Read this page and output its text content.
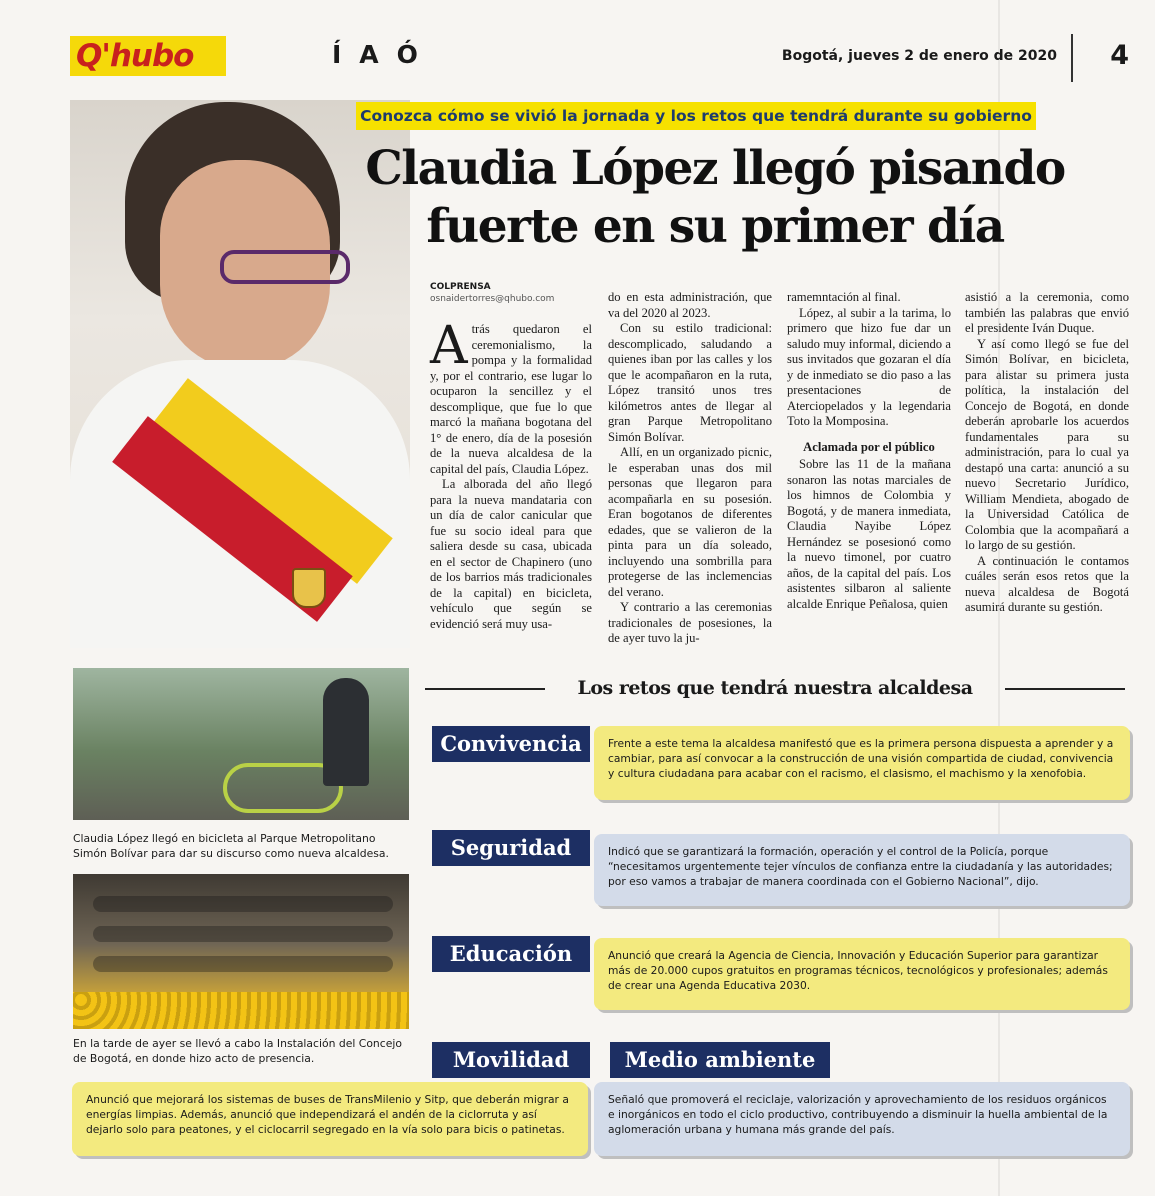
Q'hubo	ÍAÓ	Bogotá, jueves 2 de enero de 2020 4
Conozca cómo se vivió la jornada y los retos que tendrá durante su gobierno
Claudia López llegó pisando fuerte en su primer día
COLPRENSA
osnaidertorres@qhubo.com

Atrás quedaron el ceremonialismo, la pompa y la formalidad y, por el contrario, ese lugar lo ocuparon la sencillez y el descomplique, que fue lo que marcó la mañana bogotana del 1° de enero, día de la posesión de la nueva alcaldesa de la capital del país, Claudia López.

La alborada del año llegó para la nueva mandataria con un día de calor canicular que fue su socio ideal para que saliera desde su casa, ubicada en el sector de Chapinero (uno de los barrios más tradicionales de la capital) en bicicleta, vehículo que según se evidenció será muy usa-

do en esta administración, que va del 2020 al 2023.

Con su estilo tradicional: descomplicado, saludando a quienes iban por las calles y los que le acompañaron en la ruta, López transitó unos tres kilómetros antes de llegar al gran Parque Metropolitano Simón Bolívar.

Allí, en un organizado picnic, le esperaban unas dos mil personas que llegaron para acompañarla en su posesión. Eran bogotanos de diferentes edades, que se valieron de la pinta para un día soleado, incluyendo una sombrilla para protegerse de las inclemencias del verano.

Y contrario a las ceremonias tradicionales de posesiones, la de ayer tuvo la ju-

ramemntación al final.

López, al subir a la tarima, lo primero que hizo fue dar un saludo muy informal, diciendo a sus invitados que gozaran el día y de inmediato se dio paso a las presentaciones de Aterciopelados y la legendaria Toto la Momposina.

Aclamada por el público

Sobre las 11 de la mañana sonaron las notas marciales de los himnos de Colombia y Bogotá, y de manera inmediata, Claudia Nayibe López Hernández se posesionó como la nuevo timonel, por cuatro años, de la capital del país. Los asistentes silbaron al saliente alcalde Enrique Peñalosa, quien

asistió a la ceremonia, como también las palabras que envió el presidente Iván Duque.

Y así como llegó se fue del Simón Bolívar, en bicicleta, para alistar su primera justa política, la instalación del Concejo de Bogotá, en donde deberán aprobarle los acuerdos fundamentales para su administración, para lo cual ya destapó una carta: anunció a su nuevo Secretario Jurídico, William Mendieta, abogado de la Universidad Católica de Colombia que la acompañará a lo largo de su gestión.

A continuación le contamos cuáles serán esos retos que la nueva alcaldesa de Bogotá asumirá durante su gestión.

Los retos que tendrá nuestra alcaldesa
Claudia López llegó en bicicleta al Parque Metropolitano Simón Bolívar para dar su discurso como nueva alcaldesa.
En la tarde de ayer se llevó a cabo la Instalación del Concejo de Bogotá, en donde hizo acto de presencia.
Convivencia	Frente a este tema la alcaldesa manifestó que es la primera persona dispuesta a aprender y a cambiar, para así convocar a la construcción de una visión compartida de ciudad, convivencia y cultura ciudadana para acabar con el racismo, el clasismo, el machismo y la xenofobia.
Seguridad	Indicó que se garantizará la formación, operación y el control de la Policía, porque “necesitamos urgentemente tejer vínculos de confianza entre la ciudadanía y las autoridades; por eso vamos a trabajar de manera coordinada con el Gobierno Nacional”, dijo.
Educación	Anunció que creará la Agencia de Ciencia, Innovación y Educación Superior para garantizar más de 20.000 cupos gratuitos en programas técnicos, tecnológicos y profesionales; además de crear una Agenda Educativa 2030.
Movilidad
Anunció que mejorará los sistemas de buses de TransMilenio y Sitp, que deberán migrar a energías limpias. Además, anunció que independizará el andén de la ciclorruta y así dejarlo solo para peatones, y el ciclocarril segregado en la vía solo para bicis o patinetas.
Medio ambiente
Señaló que promoverá el reciclaje, valorización y aprovechamiento de los residuos orgánicos e inorgánicos en todo el ciclo productivo, contribuyendo a disminuir la huella ambiental de la aglomeración urbana y humana más grande del país.
